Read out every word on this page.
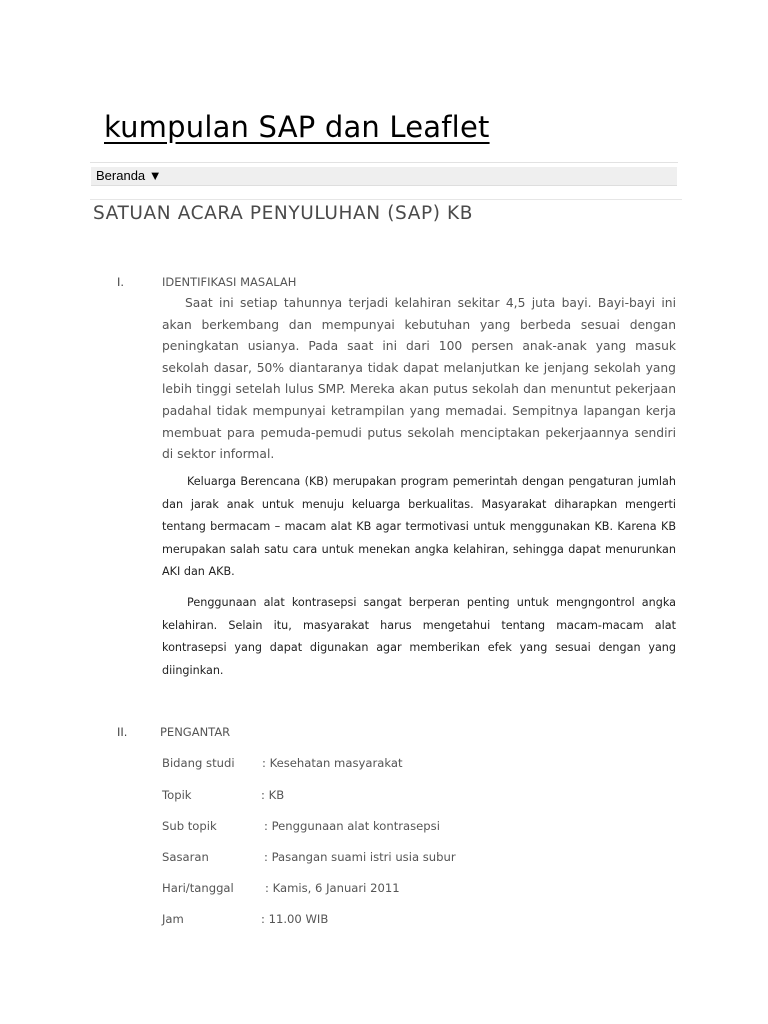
kumpulan SAP dan Leaflet
Beranda ▼
SATUAN ACARA PENYULUHAN (SAP) KB
I.	IDENTIFIKASI MASALAH

Saat ini setiap tahunnya terjadi kelahiran sekitar 4,5 juta bayi. Bayi-bayi ini akan berkembang dan mempunyai kebutuhan yang berbeda sesuai dengan peningkatan usianya. Pada saat ini dari 100 persen anak-anak yang masuk sekolah dasar, 50% diantaranya tidak dapat melanjutkan ke jenjang sekolah yang lebih tinggi setelah lulus SMP. Mereka akan putus sekolah dan menuntut pekerjaan padahal tidak mempunyai ketrampilan yang memadai. Sempitnya lapangan kerja membuat para pemuda-pemudi putus sekolah menciptakan pekerjaannya sendiri di sektor informal.

Keluarga Berencana (KB) merupakan program pemerintah dengan pengaturan jumlah dan jarak anak untuk menuju keluarga berkualitas. Masyarakat diharapkan mengerti tentang bermacam – macam alat KB agar termotivasi untuk menggunakan KB. Karena KB merupakan salah satu cara untuk menekan angka kelahiran, sehingga dapat menurunkan AKI dan AKB.

Penggunaan alat kontrasepsi sangat berperan penting untuk mengngontrol angka kelahiran. Selain itu, masyarakat harus mengetahui tentang macam-macam alat kontrasepsi yang dapat digunakan agar memberikan efek yang sesuai dengan yang diinginkan.

II.	PENGANTAR
Bidang studi : Kesehatan masyarakat
Topik	: KB
Sub topik	: Penggunaan alat kontrasepsi
Sasaran	: Pasangan suami istri usia subur
Hari/tanggal	: Kamis, 6 Januari 2011
Jam	: 11.00 WIB
